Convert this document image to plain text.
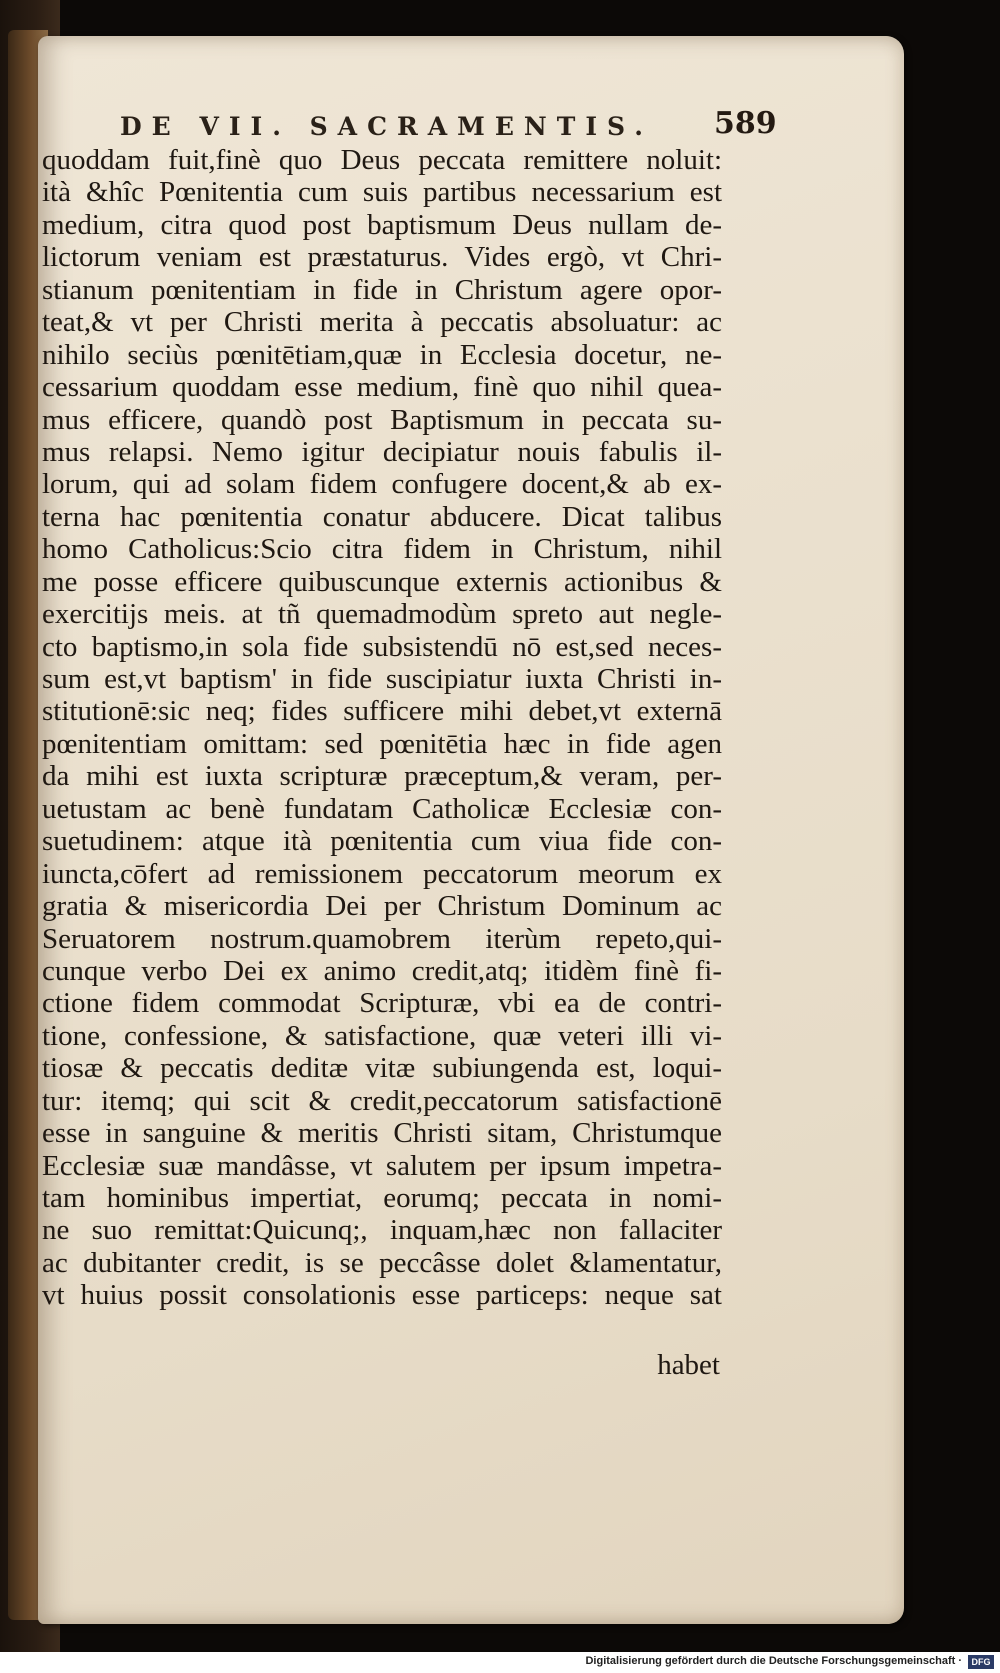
DE VII. SACRAMENTIS.	589

quoddam fuit,finè quo Deus peccata remittere noluit:
ità &hîc Pœnitentia cum suis partibus necessarium est
medium, citra quod post baptismum Deus nullam de-
lictorum veniam est præstaturus. Vides ergò, vt Chri-
stianum pœnitentiam in fide in Christum agere opor-
teat,& vt per Christi merita à peccatis absoluatur: ac
nihilo seciùs pœnitētiam,quæ in Ecclesia docetur, ne-
cessarium quoddam esse medium, finè quo nihil quea-
mus efficere, quandò post Baptismum in peccata su-
mus relapsi. Nemo igitur decipiatur nouis fabulis il-
lorum, qui ad solam fidem confugere docent,& ab ex-
terna hac pœnitentia conatur abducere. Dicat talibus
homo Catholicus:Scio citra fidem in Christum, nihil
me posse efficere quibuscunque externis actionibus &
exercitijs meis. at tñ quemadmodùm spreto aut negle-
cto baptismo,in sola fide subsistendū nō est,sed neces-
sum est,vt baptism' in fide suscipiatur iuxta Christi in-
stitutionē:sic neq; fides sufficere mihi debet,vt externā
pœnitentiam omittam: sed pœnitētia hæc in fide agen
da mihi est iuxta scripturæ præceptum,& veram, per-
uetustam ac benè fundatam Catholicæ Ecclesiæ con-
suetudinem: atque ità pœnitentia cum viua fide con-
iuncta,cōfert ad remissionem peccatorum meorum ex
gratia & misericordia Dei per Christum Dominum ac
Seruatorem nostrum.quamobrem iterùm repeto,qui-
cunque verbo Dei ex animo credit,atq; itidèm finè fi-
ctione fidem commodat Scripturæ, vbi ea de contri-
tione, confessione, & satisfactione, quæ veteri illi vi-
tiosæ & peccatis deditæ vitæ subiungenda est, loqui-
tur: itemq; qui scit & credit,peccatorum satisfactionē
esse in sanguine & meritis Christi sitam, Christumque
Ecclesiæ suæ mandâsse, vt salutem per ipsum impetra-
tam hominibus impertiat, eorumq; peccata in nomi-
ne suo remittat:Quicunq;, inquam,hæc non fallaciter
ac dubitanter credit, is se peccâsse dolet &lamentatur,
vt huius possit consolationis esse particeps: neque sat

habet

Digitalisierung gefördert durch die Deutsche Forschungsgemeinschaft ·	DFG
